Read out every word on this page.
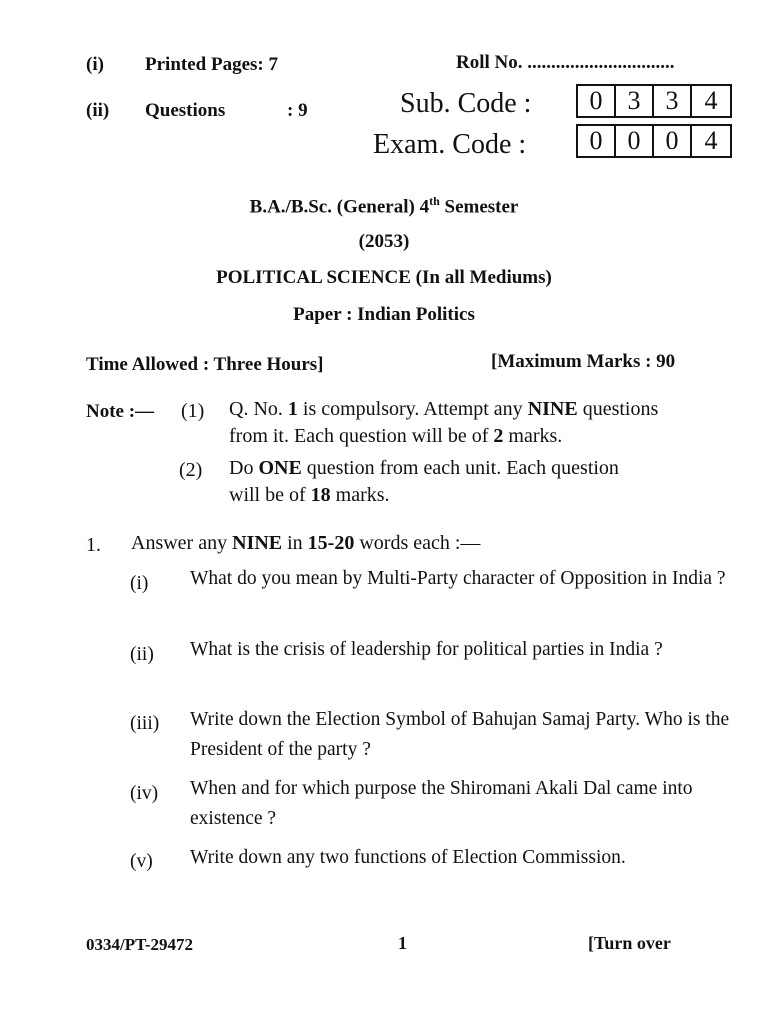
(i) Printed Pages: 7
(ii) Questions	: 9
Roll No. ...............................
Sub. Code :	0 3 3	4
Exam. Code :	0 0 0	4
B.A./B.Sc. (General) 4th Semester
(2053)
POLITICAL SCIENCE (In all Mediums)
Paper : Indian Politics
Time Allowed : Three Hours]	[Maximum Marks : 90
Note :— (1) Q. No. 1 is compulsory. Attempt any NINE questions
from it. Each question will be of 2 marks.
(2) Do ONE question from each unit. Each question
will be of 18 marks.
1. Answer any NINE in 15-20 words each :—
(i) What do you mean by Multi-Party character of Opposition in India ?
(ii) What is the crisis of leadership for political parties in India ?
(iii) Write down the Election Symbol of Bahujan Samaj Party. Who is the President of the party ?
(iv) When and for which purpose the Shiromani Akali Dal came into existence ?
(v) Write down any two functions of Election Commission.
0334/PT-29472	1	[Turn over
